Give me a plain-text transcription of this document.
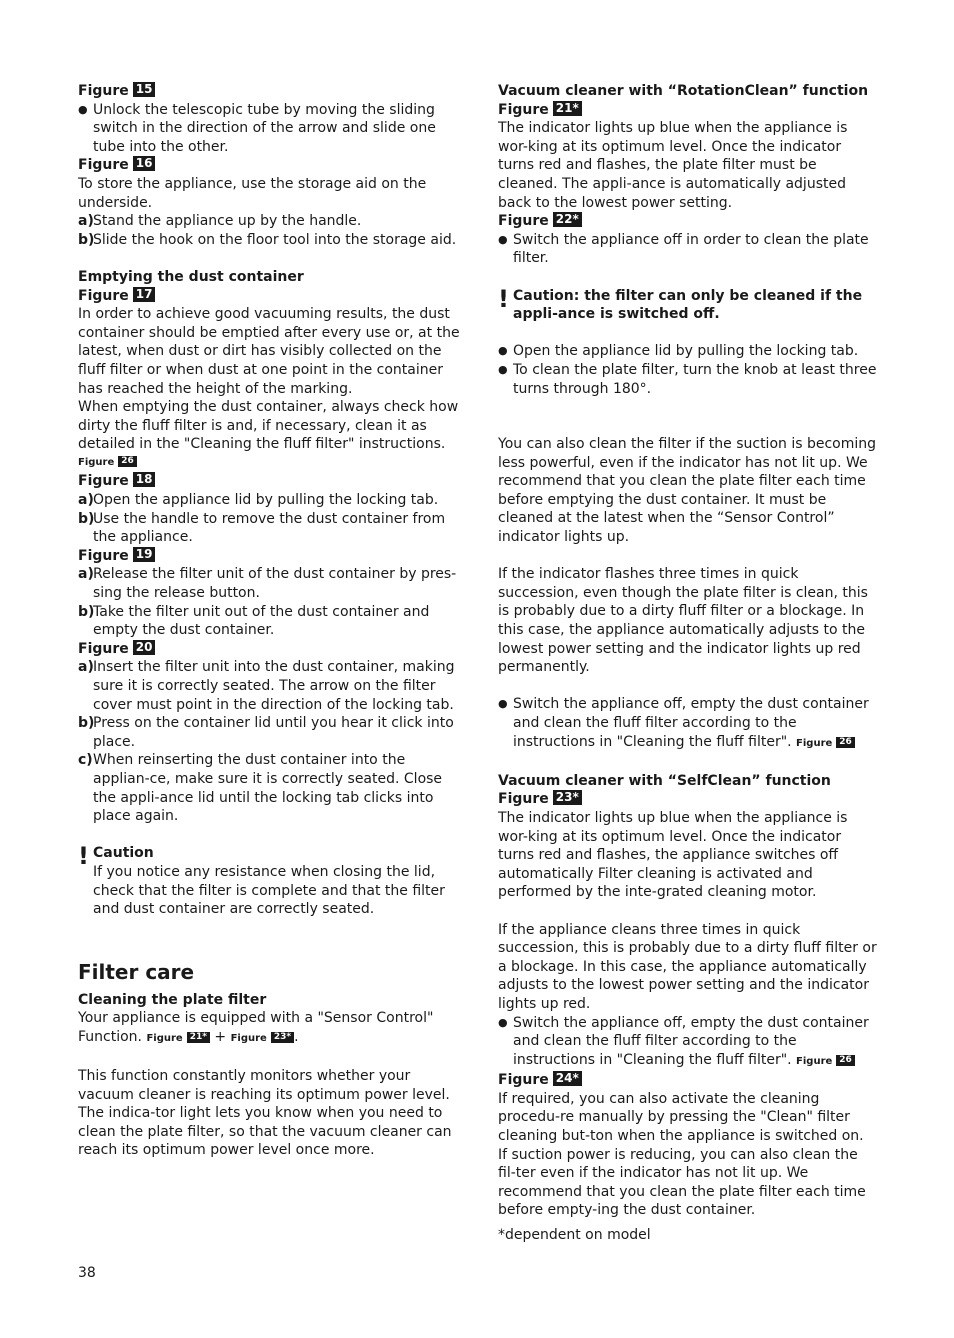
Figure 15

● Unlock the telescopic tube by moving the sliding switch in the direction of the arrow and slide one tube into the other.

Figure 16

To store the appliance, use the storage aid on the underside.

a) Stand the appliance up by the handle.

b)
Slide the hook on the floor tool into the storage aid.

Emptying the dust container

Figure 17

In order to achieve good vacuuming results, the dust container should be emptied after every use or, at the latest, when dust or dirt has visibly collected on the fluff filter or when dust at one point in the container has reached the height of the marking.

When emptying the dust container, always check how dirty the fluff filter is and, if necessary, clean it as detailed in the "Cleaning the fluff filter" instructions.

Figure 26

Figure 18

a) Open the appliance lid by pulling the locking tab.

b)
Use the handle to remove the dust container from the appliance.

Figure 19

a) Release the filter unit of the dust container by pres-sing the release button.

b)
Take the filter unit out of the dust container and empty the dust container.

Figure 20

a) Insert the filter unit into the dust container, making sure it is correctly seated. The arrow on the filter cover must point in the direction of the locking tab.

b)
Press on the container lid until you hear it click into place.

c) When reinserting the dust container into the applian-ce, make sure it is correctly seated. Close the appli-ance lid until the locking tab clicks into place again.

! Caution

If you notice any resistance when closing the lid, check that the filter is complete and that the filter and dust container are correctly seated.

Filter care

Cleaning the plate filter

Your appliance is equipped with a "Sensor Control" Function. Figure 21* + Figure 23* .

This function constantly monitors whether your vacuum cleaner is reaching its optimum power level. The indica-tor light lets you know when you need to clean the plate filter, so that the vacuum cleaner can reach its optimum power level once more.

Vacuum cleaner with “RotationClean” function

Figure 21*

The indicator lights up blue when the appliance is wor-king at its optimum level. Once the indicator turns red and flashes, the plate filter must be cleaned. The appli-ance is automatically adjusted back to the lowest power setting.

Figure 22*

● Switch the appliance off in order to clean the plate filter.

! Caution: the filter can only be cleaned if the appli-ance is switched off.

● Open the appliance lid by pulling the locking tab.

● To clean the plate filter, turn the knob at least three turns through 180°.

You can also clean the filter if the suction is becoming less powerful, even if the indicator has not lit up. We recommend that you clean the plate filter each time before emptying the dust container. It must be cleaned at the latest when the “Sensor Control” indicator lights up.

If the indicator flashes three times in quick succession, even though the plate filter is clean, this is probably due to a dirty fluff filter or a blockage. In this case, the appliance automatically adjusts to the lowest power setting and the indicator lights up red permanently.

● Switch the appliance off, empty the dust container and clean the fluff filter according to the instructions in "Cleaning the fluff filter". Figure 26

Vacuum cleaner with “SelfClean” function

Figure 23*

The indicator lights up blue when the appliance is wor-king at its optimum level. Once the indicator turns red and flashes, the appliance switches off automatically Filter cleaning is activated and performed by the inte-grated cleaning motor.

If the appliance cleans three times in quick succession, this is probably due to a dirty fluff filter or a blockage. In this case, the appliance automatically adjusts to the lowest power setting and the indicator lights up red.

● Switch the appliance off, empty the dust container and clean the fluff filter according to the instructions in "Cleaning the fluff filter". Figure 26

Figure 24*

If required, you can also activate the cleaning procedu-re manually by pressing the "Clean" filter cleaning but-ton when the appliance is switched on.

If suction power is reducing, you can also clean the fil-ter even if the indicator has not lit up. We recommend that you clean the plate filter each time before empty-ing the dust container.

*dependent on model

38
